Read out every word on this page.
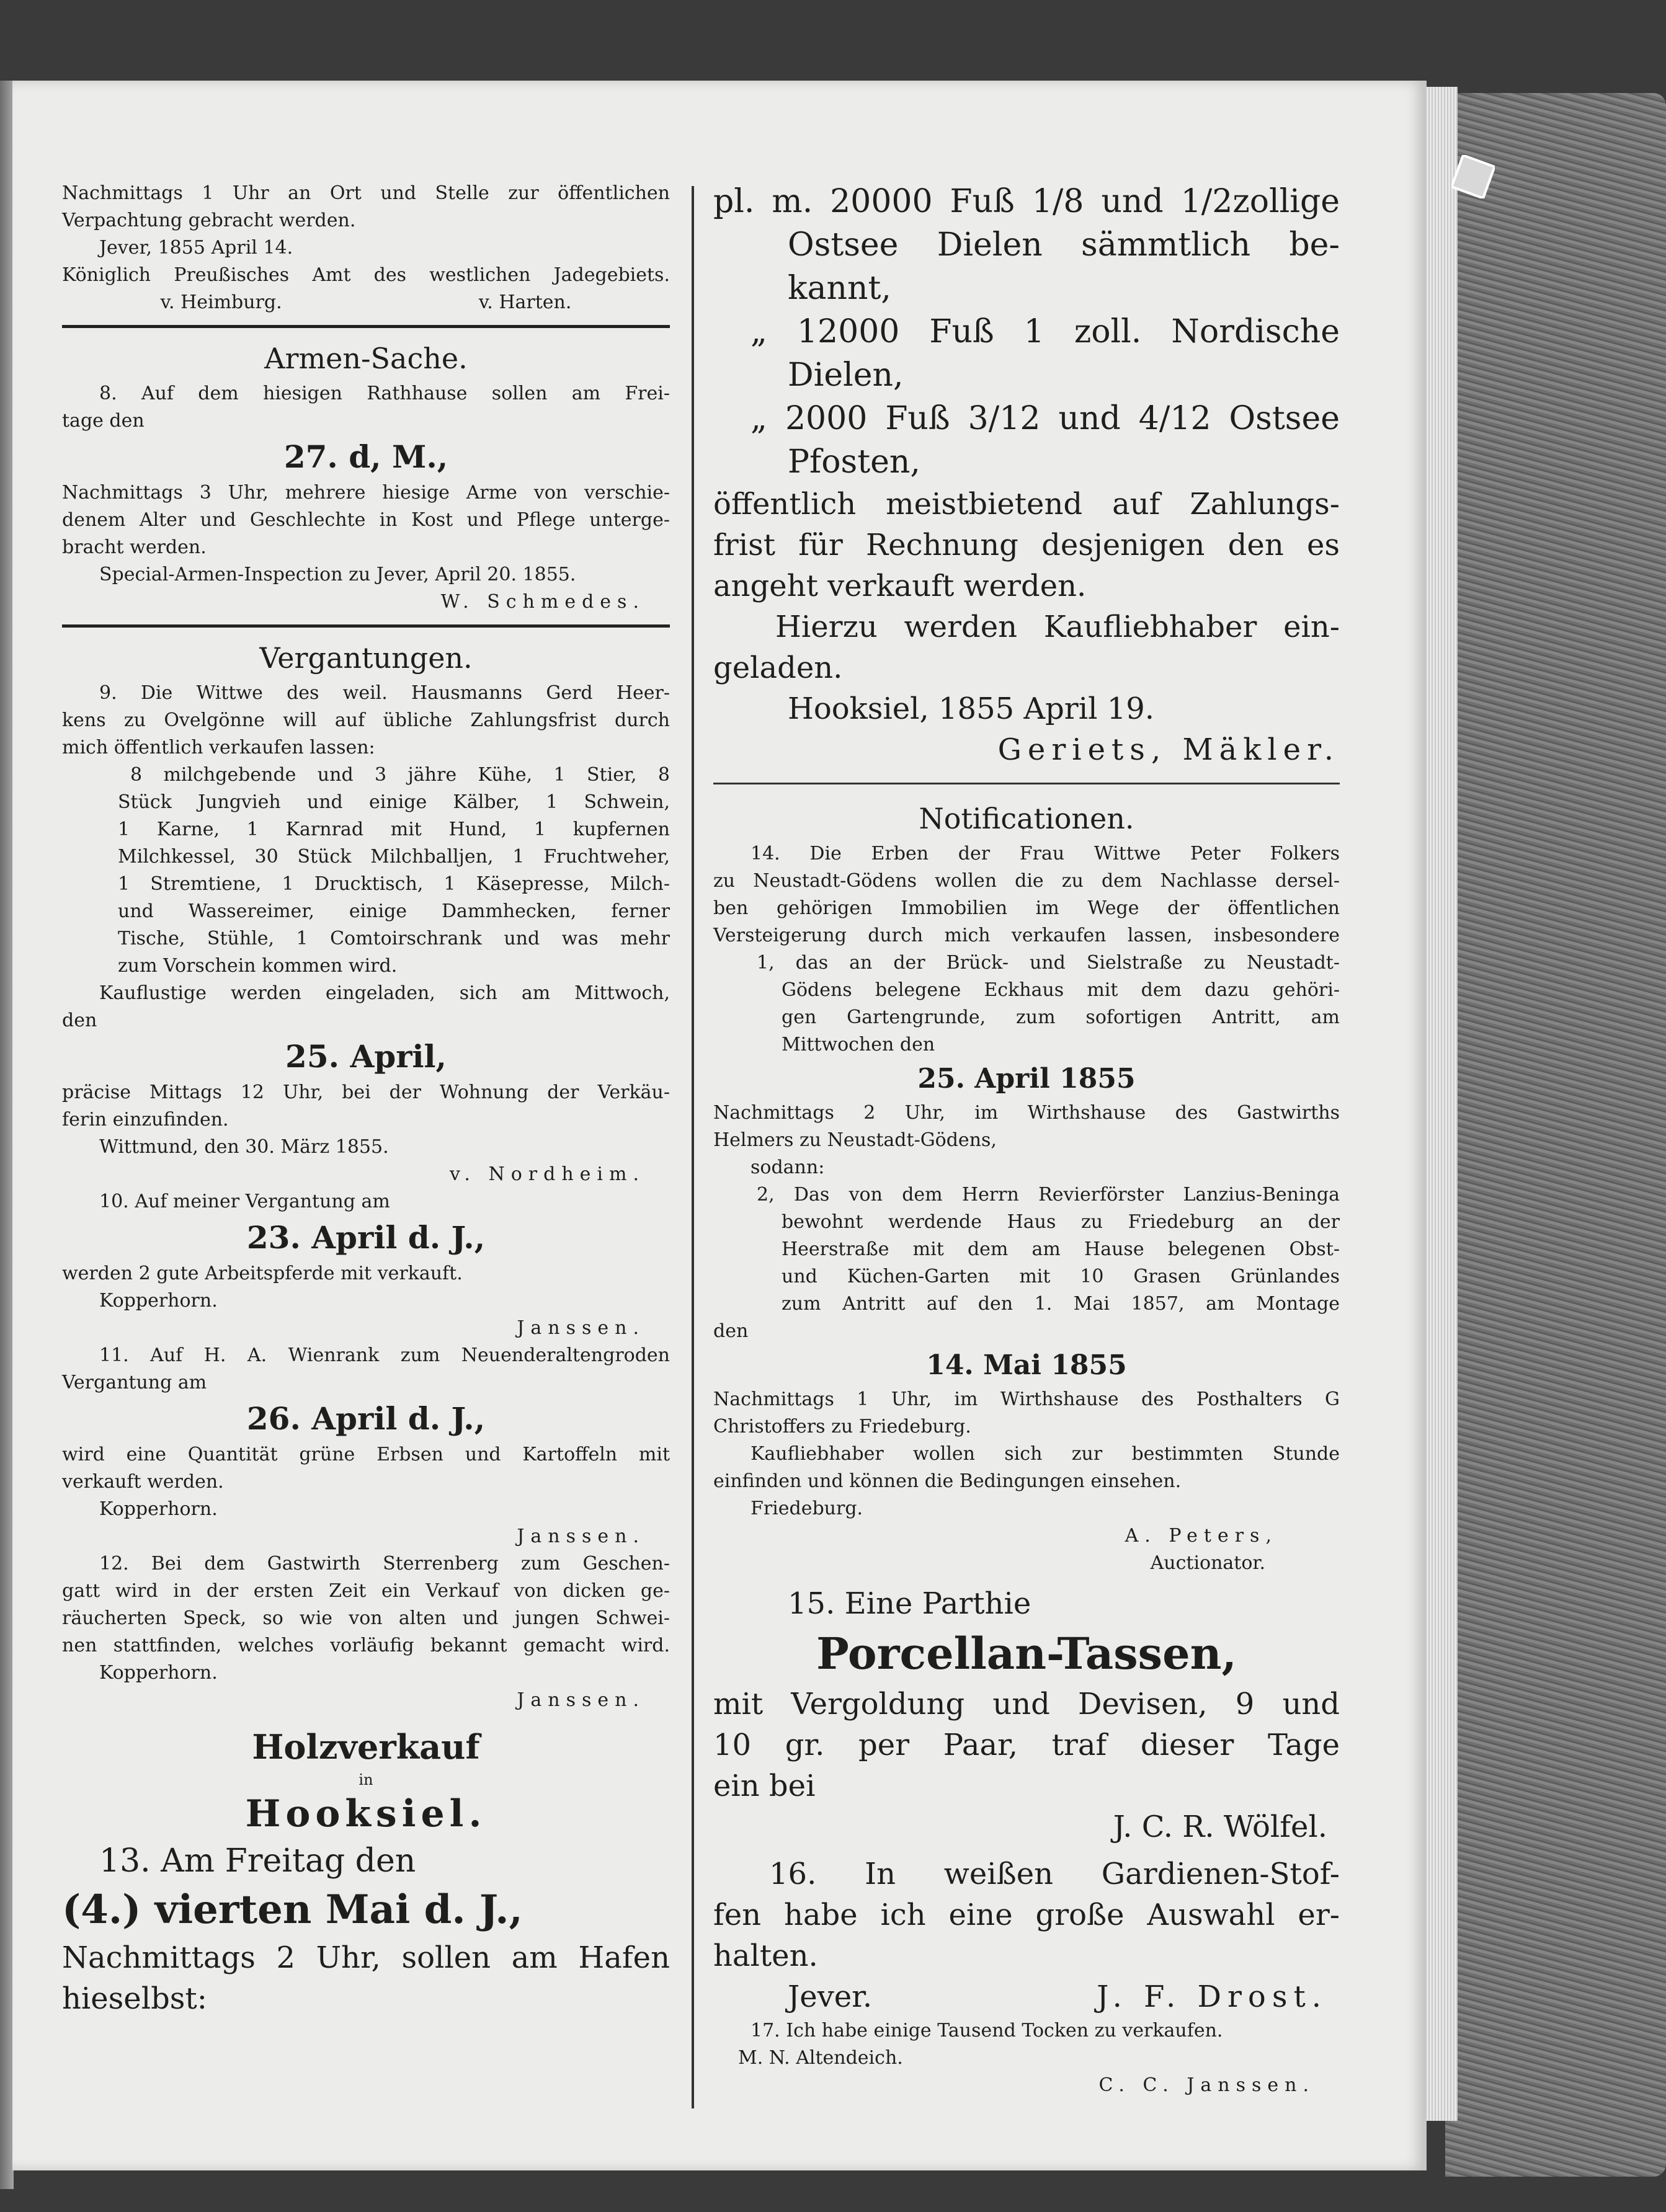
Nachmittags 1 Uhr an Ort und Stelle zur öffentlichen

Verpachtung gebracht werden.

Jever, 1855 April 14.

Königlich Preußisches Amt des westlichen Jadegebiets.

v. Heimburg.	v. Harten.

Armen-Sache.

8. Auf dem hiesigen Rathhause sollen am Frei-

tage den

27. d, M.,

Nachmittags 3 Uhr, mehrere hiesige Arme von verschie-

denem Alter und Geschlechte in Kost und Pflege unterge-

bracht werden.

Special-Armen-Inspection zu Jever, April 20. 1855.

W. Schmedes.

Vergantungen.

9. Die Wittwe des weil. Hausmanns Gerd Heer-

kens zu Ovelgönne will auf übliche Zahlungsfrist durch

mich öffentlich verkaufen lassen:

8 milchgebende und 3 jähre Kühe, 1 Stier, 8

Stück Jungvieh und einige Kälber, 1 Schwein,

1 Karne, 1 Karnrad mit Hund, 1 kupfernen

Milchkessel, 30 Stück Milchballjen, 1 Fruchtweher,

1 Stremtiene, 1 Drucktisch, 1 Käsepresse, Milch-

und Wassereimer, einige Dammhecken, ferner

Tische, Stühle, 1 Comtoirschrank und was mehr

zum Vorschein kommen wird.

Kauflustige werden eingeladen, sich am Mittwoch,

den

25. April,

präcise Mittags 12 Uhr, bei der Wohnung der Verkäu-

ferin einzufinden.

Wittmund, den 30. März 1855.

v. Nordheim.

10. Auf meiner Vergantung am

23. April d. J.,

werden 2 gute Arbeitspferde mit verkauft.

Kopperhorn.

Janssen.

11. Auf H. A. Wienrank zum Neuenderaltengroden

Vergantung am

26. April d. J.,

wird eine Quantität grüne Erbsen und Kartoffeln mit

verkauft werden.

Kopperhorn.

Janssen.

12. Bei dem Gastwirth Sterrenberg zum Geschen-

gatt wird in der ersten Zeit ein Verkauf von dicken ge-

räucherten Speck, so wie von alten und jungen Schwei-

nen stattfinden, welches vorläufig bekannt gemacht wird.

Kopperhorn.

Janssen.

Holzverkauf

in

Hooksiel.

13. Am Freitag den

(4.) vierten Mai d. J.,

Nachmittags 2 Uhr, sollen am Hafen

hieselbst:

pl. m. 20000 Fuß 1/8 und 1/2zollige

Ostsee Dielen sämmtlich be-

kannt,

„ 12000 Fuß 1 zoll. Nordische

Dielen,

„ 2000 Fuß 3/12 und 4/12 Ostsee

Pfosten,

öffentlich meistbietend auf Zahlungs-

frist für Rechnung desjenigen den es

angeht verkauft werden.

Hierzu werden Kaufliebhaber ein-

geladen.

Hooksiel, 1855 April 19.

Geriets, Mäkler.

Notificationen.

14. Die Erben der Frau Wittwe Peter Folkers

zu Neustadt-Gödens wollen die zu dem Nachlasse dersel-

ben gehörigen Immobilien im Wege der öffentlichen

Versteigerung durch mich verkaufen lassen, insbesondere

1, das an der Brück- und Sielstraße zu Neustadt-

Gödens belegene Eckhaus mit dem dazu gehöri-

gen Gartengrunde, zum sofortigen Antritt, am

Mittwochen den

25. April 1855

Nachmittags 2 Uhr, im Wirthshause des Gastwirths

Helmers zu Neustadt-Gödens,

sodann:

2, Das von dem Herrn Revierförster Lanzius-Beninga

bewohnt werdende Haus zu Friedeburg an der

Heerstraße mit dem am Hause belegenen Obst-

und Küchen-Garten mit 10 Grasen Grünlandes

zum Antritt auf den 1. Mai 1857, am Montage

den

14. Mai 1855

Nachmittags 1 Uhr, im Wirthshause des Posthalters G

Christoffers zu Friedeburg.

Kaufliebhaber wollen sich zur bestimmten Stunde

einfinden und können die Bedingungen einsehen.

Friedeburg.

A. Peters,

Auctionator.

15. Eine Parthie

Porcellan-Tassen,

mit Vergoldung und Devisen, 9 und

10 gr. per Paar, traf dieser Tage

ein bei

J. C. R. Wölfel.

16. In weißen Gardienen-Stof-

fen habe ich eine große Auswahl er-

halten.

Jever.	J. F. Drost.

17. Ich habe einige Tausend Tocken zu verkaufen.

M. N. Altendeich.

C. C. Janssen.
